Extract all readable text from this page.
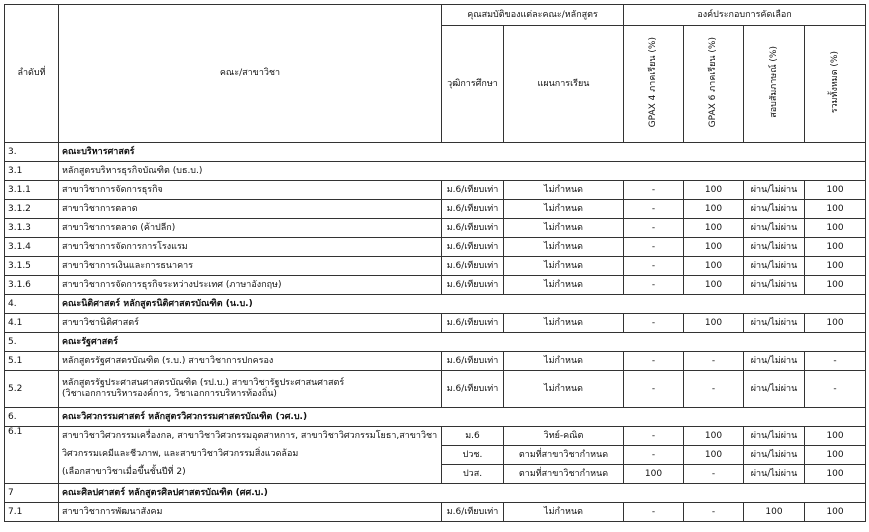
ลำดับที่	คณะ/สาขาวิชา	คุณสมบัติของแต่ละคณะ/หลักสูตร		องค์ประกอบการคัดเลือก			
		วุฒิการศึกษา	แผนการเรียน	GPAX 4 ภาคเรียน (%)	GPAX 6 ภาคเรียน (%)	สอบสัมภาษณ์ (%)	รวมทั้งหมด (%)
3.	คณะบริหารศาสตร์						
3.1	หลักสูตรบริหารธุรกิจบัณฑิต (บธ.บ.)						
3.1.1	สาขาวิชาการจัดการธุรกิจ	ม.6/เทียบเท่า	ไม่กำหนด	-	100	ผ่าน/ไม่ผ่าน	100
3.1.2	สาขาวิชาการตลาด	ม.6/เทียบเท่า	ไม่กำหนด	-	100	ผ่าน/ไม่ผ่าน	100
3.1.3	สาขาวิชาการตลาด (ค้าปลีก)	ม.6/เทียบเท่า	ไม่กำหนด	-	100	ผ่าน/ไม่ผ่าน	100
3.1.4	สาขาวิชาการจัดการการโรงแรม	ม.6/เทียบเท่า	ไม่กำหนด	-	100	ผ่าน/ไม่ผ่าน	100
3.1.5	สาขาวิชาการเงินและการธนาคาร	ม.6/เทียบเท่า	ไม่กำหนด	-	100	ผ่าน/ไม่ผ่าน	100
3.1.6	สาขาวิชาการจัดการธุรกิจระหว่างประเทศ (ภาษาอังกฤษ)	ม.6/เทียบเท่า	ไม่กำหนด	-	100	ผ่าน/ไม่ผ่าน	100
4.	คณะนิติศาสตร์ หลักสูตรนิติศาสตรบัณฑิต (น.บ.)						
4.1	สาขาวิชานิติศาสตร์	ม.6/เทียบเท่า	ไม่กำหนด	-	100	ผ่าน/ไม่ผ่าน	100
5.	คณะรัฐศาสตร์						
5.1	หลักสูตรรัฐศาสตรบัณฑิต (ร.บ.) สาขาวิชาการปกครอง	ม.6/เทียบเท่า	ไม่กำหนด	-	-	ผ่าน/ไม่ผ่าน	-
5.2	หลักสูตรรัฐประศาสนศาสตรบัณฑิต (รป.บ.) สาขาวิชารัฐประศาสนศาสตร์
(วิชาเอกการบริหารองค์การ, วิชาเอกการบริหารท้องถิ่น)	ม.6/เทียบเท่า	ไม่กำหนด	-	-	ผ่าน/ไม่ผ่าน	-
6.	คณะวิศวกรรมศาสตร์ หลักสูตรวิศวกรรมศาสตรบัณฑิต (วศ.บ.)						
6.1	สาขาวิชาวิศวกรรมเครื่องกล, สาขาวิชาวิศวกรรมอุตสาหการ, สาขาวิชาวิศวกรรมโยธา,สาขาวิชา
วิศวกรรมเคมีและชีวภาพ, และสาขาวิชาวิศวกรรมสิ่งแวดล้อม
(เลือกสาขาวิชาเมื่อขึ้นชั้นปีที่ 2)	ม.6	วิทย์-คณิต	-	100	ผ่าน/ไม่ผ่าน	100
		ปวช.	ตามที่สาขาวิชากำหนด	-	100	ผ่าน/ไม่ผ่าน	100
		ปวส.	ตามที่สาขาวิชากำหนด	100	-	ผ่าน/ไม่ผ่าน	100
7	คณะศิลปศาสตร์ หลักสูตรศิลปศาสตรบัณฑิต (ศศ.บ.)						
7.1	สาขาวิชาการพัฒนาสังคม	ม.6/เทียบเท่า	ไม่กำหนด	-	-	100	100
